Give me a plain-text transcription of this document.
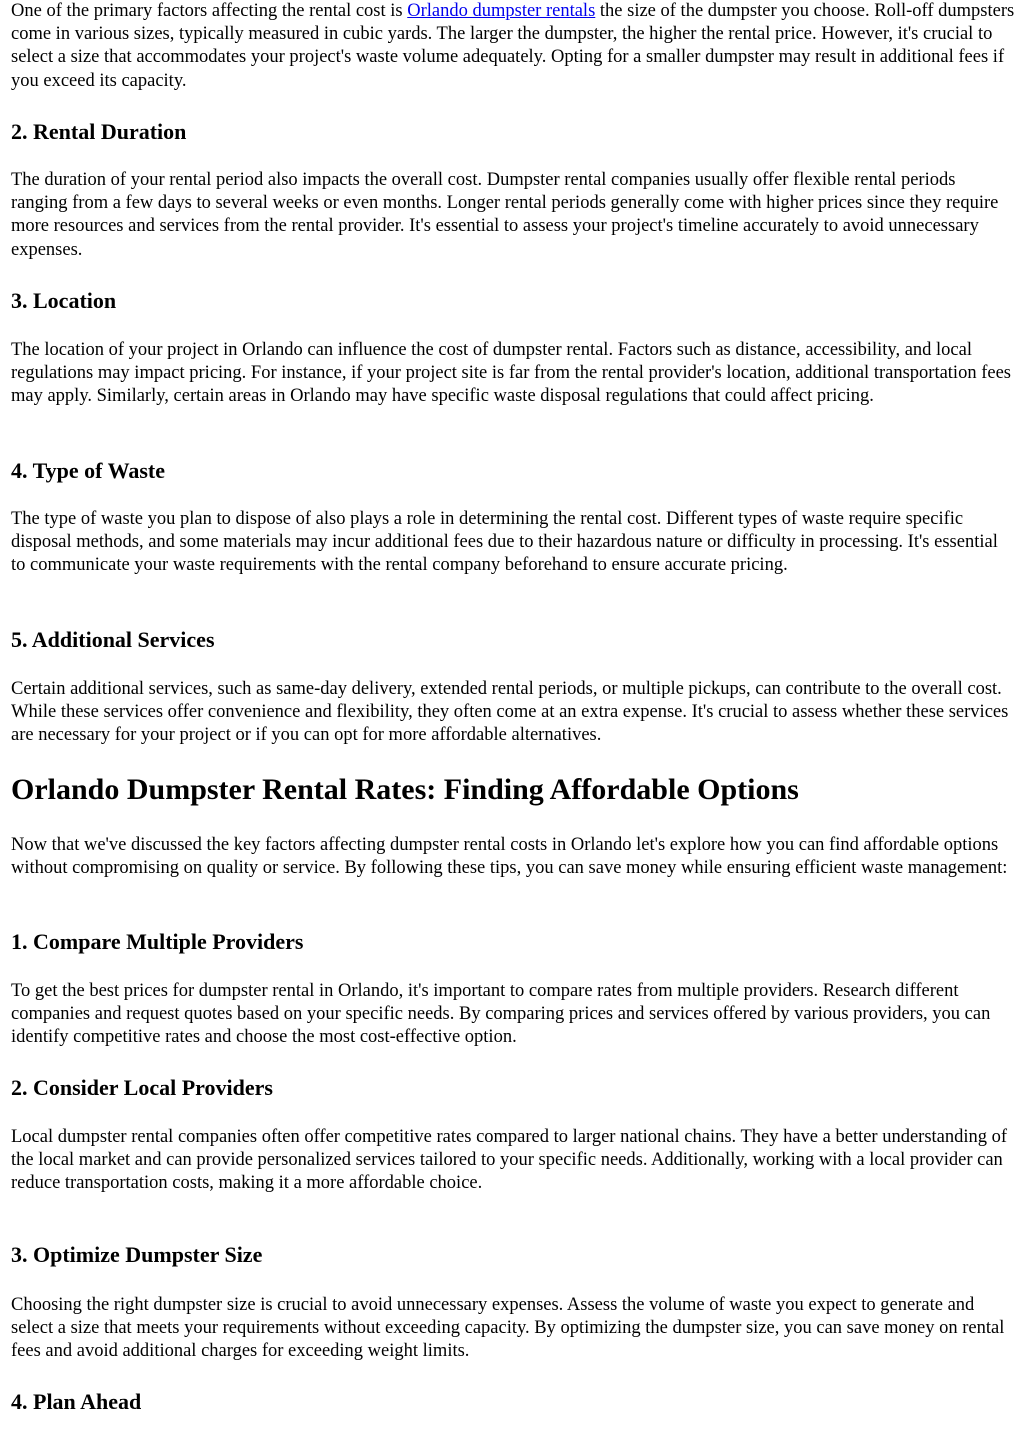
One of the primary factors affecting the rental cost is Orlando dumpster rentals the size of the dumpster you choose. Roll-off dumpsters come in various sizes, typically measured in cubic yards. The larger the dumpster, the higher the rental price. However, it's crucial to select a size that accommodates your project's waste volume adequately. Opting for a smaller dumpster may result in additional fees if you exceed its capacity.

2. Rental Duration

The duration of your rental period also impacts the overall cost. Dumpster rental companies usually offer flexible rental periods ranging from a few days to several weeks or even months. Longer rental periods generally come with higher prices since they require more resources and services from the rental provider. It's essential to assess your project's timeline accurately to avoid unnecessary expenses.

3. Location

The location of your project in Orlando can influence the cost of dumpster rental. Factors such as distance, accessibility, and local regulations may impact pricing. For instance, if your project site is far from the rental provider's location, additional transportation fees may apply. Similarly, certain areas in Orlando may have specific waste disposal regulations that could affect pricing.

4. Type of Waste

The type of waste you plan to dispose of also plays a role in determining the rental cost. Different types of waste require specific disposal methods, and some materials may incur additional fees due to their hazardous nature or difficulty in processing. It's essential to communicate your waste requirements with the rental company beforehand to ensure accurate pricing.

5. Additional Services

Certain additional services, such as same-day delivery, extended rental periods, or multiple pickups, can contribute to the overall cost. While these services offer convenience and flexibility, they often come at an extra expense. It's crucial to assess whether these services are necessary for your project or if you can opt for more affordable alternatives.

Orlando Dumpster Rental Rates: Finding Affordable Options

Now that we've discussed the key factors affecting dumpster rental costs in Orlando let's explore how you can find affordable options without compromising on quality or service. By following these tips, you can save money while ensuring efficient waste management:

1. Compare Multiple Providers

To get the best prices for dumpster rental in Orlando, it's important to compare rates from multiple providers. Research different companies and request quotes based on your specific needs. By comparing prices and services offered by various providers, you can identify competitive rates and choose the most cost-effective option.

2. Consider Local Providers

Local dumpster rental companies often offer competitive rates compared to larger national chains. They have a better understanding of the local market and can provide personalized services tailored to your specific needs. Additionally, working with a local provider can reduce transportation costs, making it a more affordable choice.

3. Optimize Dumpster Size

Choosing the right dumpster size is crucial to avoid unnecessary expenses. Assess the volume of waste you expect to generate and select a size that meets your requirements without exceeding capacity. By optimizing the dumpster size, you can save money on rental fees and avoid additional charges for exceeding weight limits.

4. Plan Ahead
